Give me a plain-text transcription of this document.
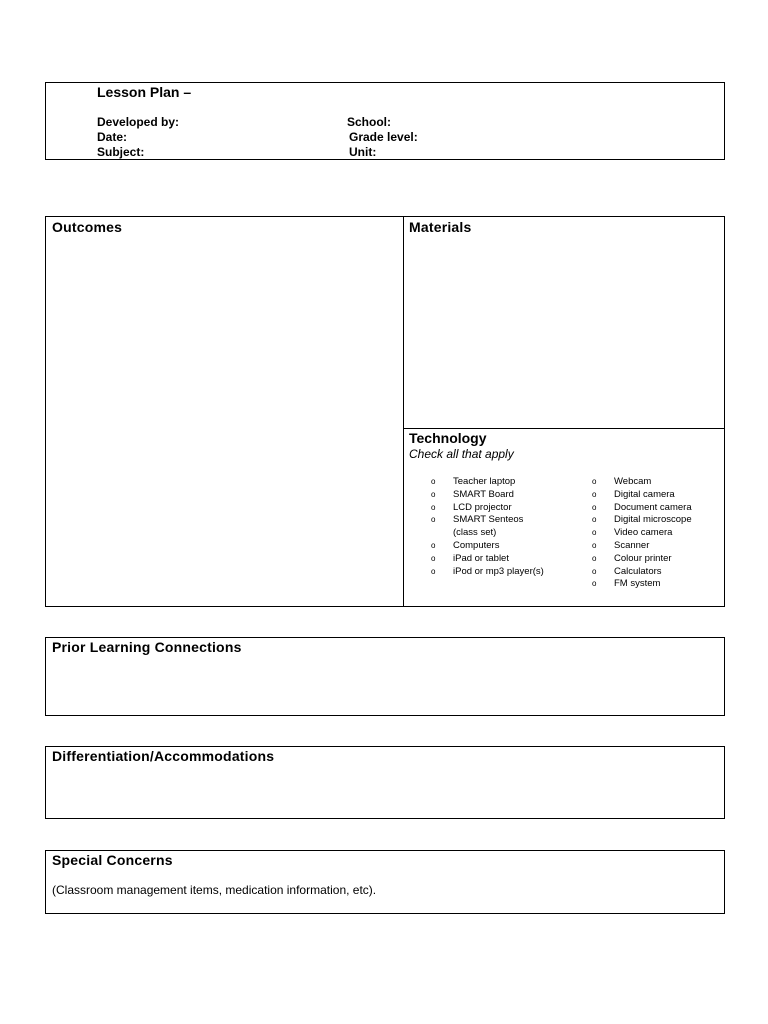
Lesson Plan –
Developed by:
Date:
Subject:
School:
Grade level:
Unit:
Outcomes	Materials
Technology
Check all that apply
o Teacher laptop
o SMART Board
o LCD projector
o SMART Senteos
(class set)
o Computers
o iPad or tablet
o iPod or mp3 player(s)
o Webcam
o Digital camera
o Document camera
o Digital microscope
o Video camera
o Scanner
o Colour printer
o Calculators
o FM system
Prior Learning Connections
Differentiation/Accommodations
Special Concerns
(Classroom management items, medication information, etc).
